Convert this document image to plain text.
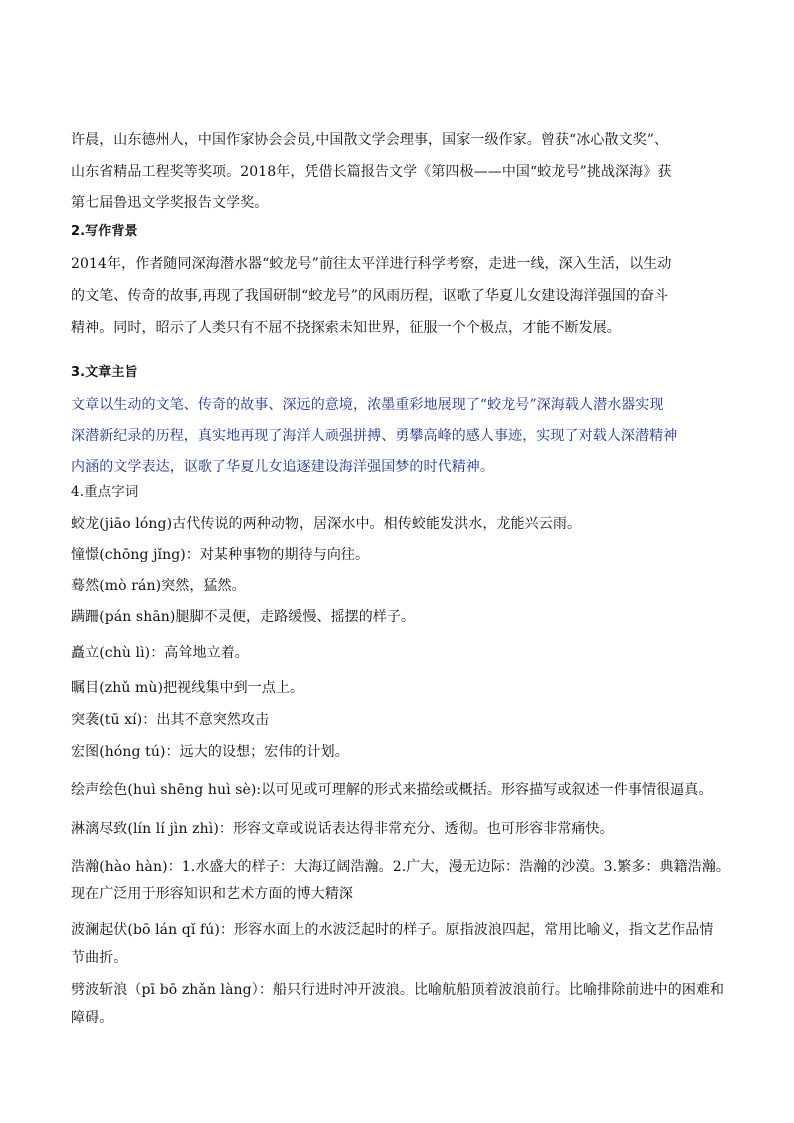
许晨，山东德州人，中国作家协会会员,中国散文学会理事，国家一级作家。曾获“冰心散文奖”、

山东省精品工程奖等奖项。2018年，凭借长篇报告文学《第四极——中国“蛟龙号”挑战深海》获

第七届鲁迅文学奖报告文学奖。

2.写作背景

2014年，作者随同深海潜水器“蛟龙号”前往太平洋进行科学考察，走进一线，深入生活，以生动

的文笔、传奇的故事,再现了我国研制“蛟龙号”的风雨历程，讴歌了华夏儿女建设海洋强国的奋斗

精神。同时，昭示了人类只有不屈不挠探索未知世界，征服一个个极点，才能不断发展。

3.文章主旨

文章以生动的文笔、传奇的故事、深远的意境，浓墨重彩地展现了“蛟龙号”深海载人潜水器实现

深潜新纪录的历程，真实地再现了海洋人顽强拼搏、勇攀高峰的感人事迹，实现了对载人深潜精神

内涵的文学表达，讴歌了华夏儿女追逐建设海洋强国梦的时代精神。

4.重点字词

蛟龙(jiāo lóng)古代传说的两种动物，居深水中。相传蛟能发洪水，龙能兴云雨。

憧憬(chōng jǐng)：对某种事物的期待与向往。

蓦然(mò rán)突然，猛然。

蹒跚(pán shān)腿脚不灵便，走路缓慢、摇摆的样子。

矗立(chù lì)：高耸地立着。

瞩目(zhǔ mù)把视线集中到一点上。

突袭(tū xí)：出其不意突然攻击

宏图(hóng tú)：远大的设想；宏伟的计划。

绘声绘色(huì shēng huì sè):以可见或可理解的形式来描绘或概括。形容描写或叙述一件事情很逼真。

淋漓尽致(lín lí jìn zhì)：形容文章或说话表达得非常充分、透彻。也可形容非常痛快。

浩瀚(hào hàn)：1.水盛大的样子：大海辽阔浩瀚。2.广大，漫无边际：浩瀚的沙漠。3.繁多：典籍浩瀚。

现在广泛用于形容知识和艺术方面的博大精深

波澜起伏(bō lán qǐ fú)：形容水面上的水波泛起时的样子。原指波浪四起，常用比喻义，指文艺作品情

节曲折。

劈波斩浪（pī bō zhǎn làng）：船只行进时冲开波浪。比喻航船顶着波浪前行。比喻排除前进中的困难和

障碍。
